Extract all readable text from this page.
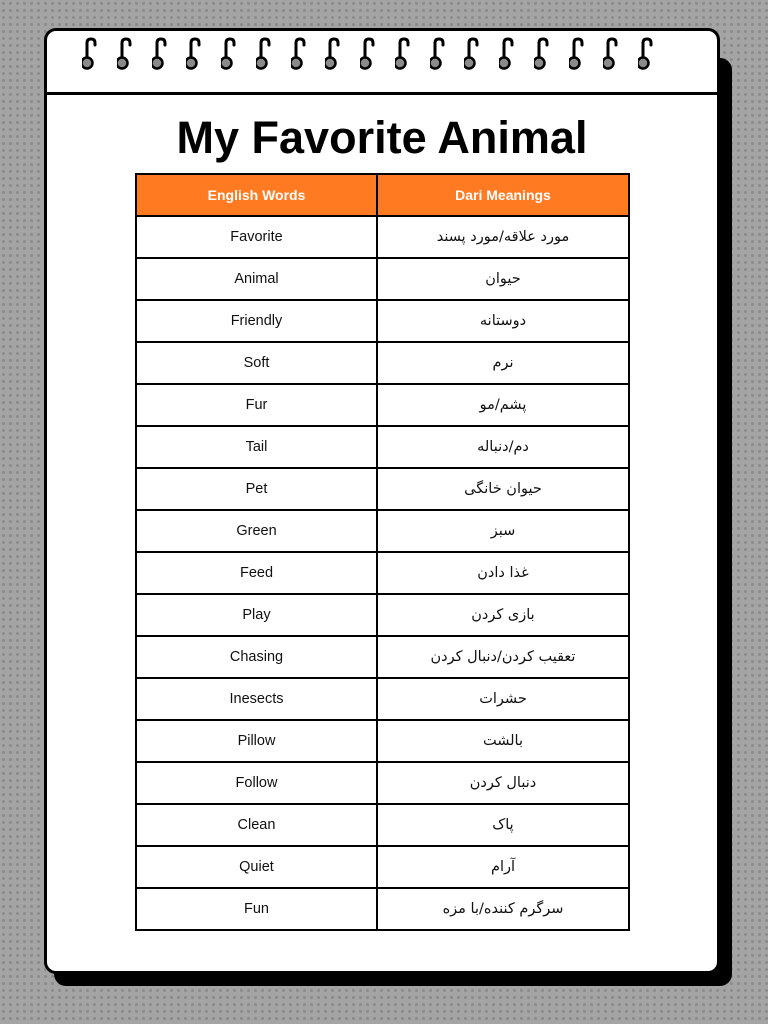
My Favorite Animal
English Words	Dari Meanings
Favorite	مورد علاقه/مورد پسند
Animal	حیوان
Friendly	دوستانه
Soft	نرم
Fur	پشم/مو
Tail	دم/دنباله
Pet	حیوان خانگی
Green	سبز
Feed	غذا دادن
Play	بازی کردن
Chasing	تعقیب کردن/دنبال کردن
Inesects	حشرات
Pillow	بالشت
Follow	دنبال کردن
Clean	پاک
Quiet	آرام
Fun	سرگرم کننده/با مزه
